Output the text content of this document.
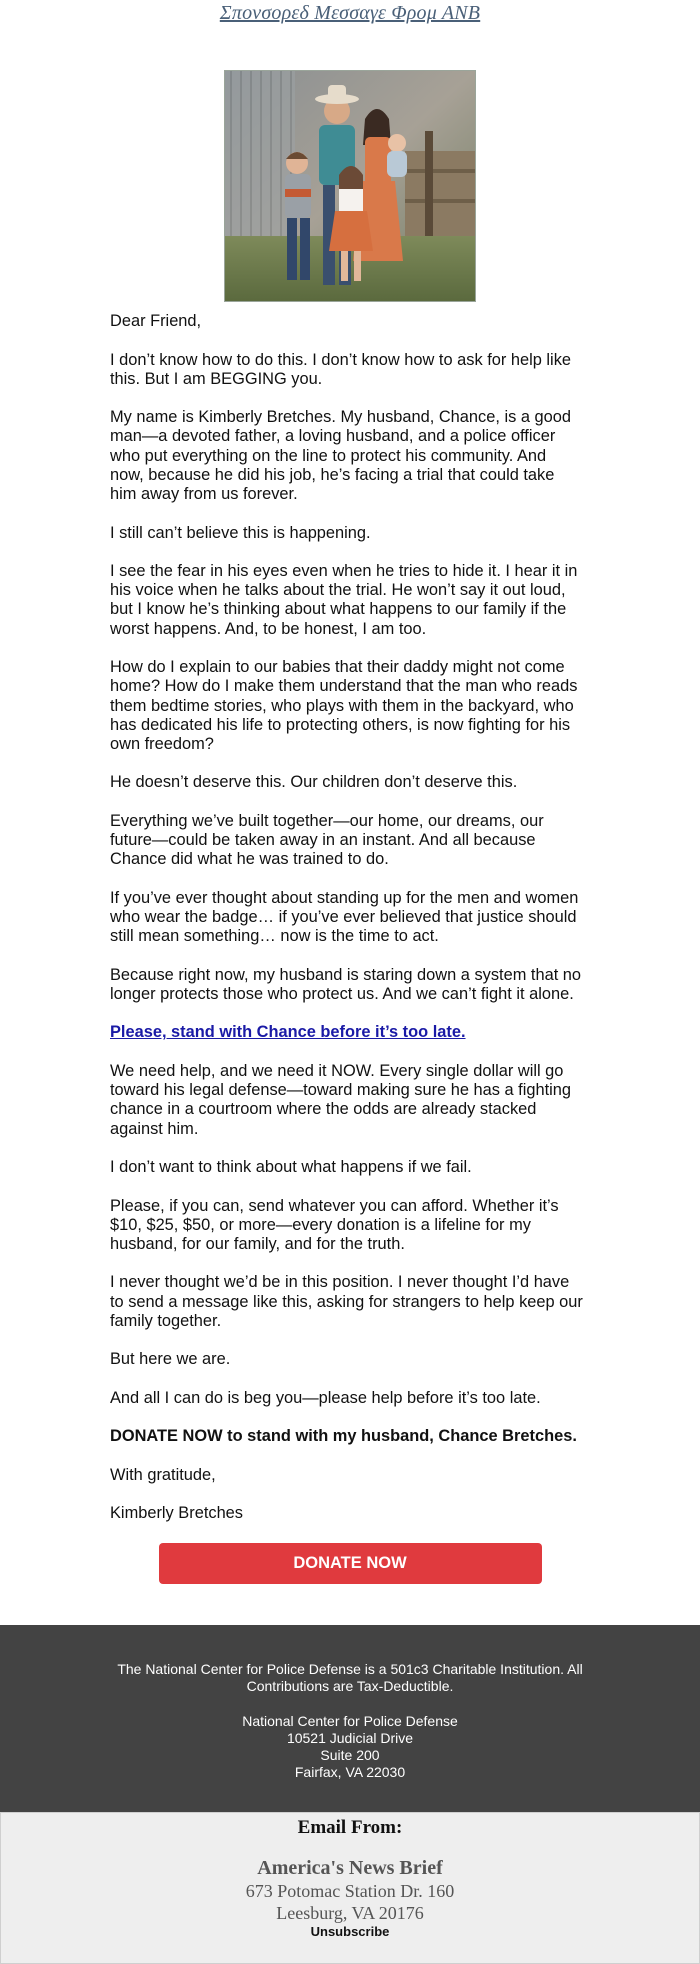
Σπονσορεδ Μεσσαγε Φρομ ΑΝΒ

Dear Friend,

I don’t know how to do this. I don’t know how to ask for help like this. But I am BEGGING you.

My name is Kimberly Bretches. My husband, Chance, is a good man—a devoted father, a loving husband, and a police officer who put everything on the line to protect his community. And now, because he did his job, he’s facing a trial that could take him away from us forever.

I still can’t believe this is happening.

I see the fear in his eyes even when he tries to hide it. I hear it in his voice when he talks about the trial. He won’t say it out loud, but I know he’s thinking about what happens to our family if the worst happens. And, to be honest, I am too.

How do I explain to our babies that their daddy might not come home? How do I make them understand that the man who reads them bedtime stories, who plays with them in the backyard, who has dedicated his life to protecting others, is now fighting for his own freedom?

He doesn’t deserve this. Our children don’t deserve this.

Everything we’ve built together—our home, our dreams, our future—could be taken away in an instant. And all because Chance did what he was trained to do.

If you’ve ever thought about standing up for the men and women who wear the badge… if you’ve ever believed that justice should still mean something… now is the time to act.

Because right now, my husband is staring down a system that no longer protects those who protect us. And we can’t fight it alone.

Please, stand with Chance before it’s too late.

We need help, and we need it NOW. Every single dollar will go toward his legal defense—toward making sure he has a fighting chance in a courtroom where the odds are already stacked against him.

I don’t want to think about what happens if we fail.

Please, if you can, send whatever you can afford. Whether it’s $10, $25, $50, or more—every donation is a lifeline for my husband, for our family, and for the truth.

I never thought we’d be in this position. I never thought I’d have to send a message like this, asking for strangers to help keep our family together.

But here we are.

And all I can do is beg you—please help before it’s too late.

DONATE NOW to stand with my husband, Chance Bretches.

With gratitude,

Kimberly Bretches

DONATE NOW
The National Center for Police Defense is a 501c3 Charitable Institution. All Contributions are Tax-Deductible.
National Center for Police Defense
10521 Judicial Drive
Suite 200
Fairfax, VA 22030
Email From:
America's News Brief
673 Potomac Station Dr. 160
Leesburg, VA 20176
Unsubscribe
